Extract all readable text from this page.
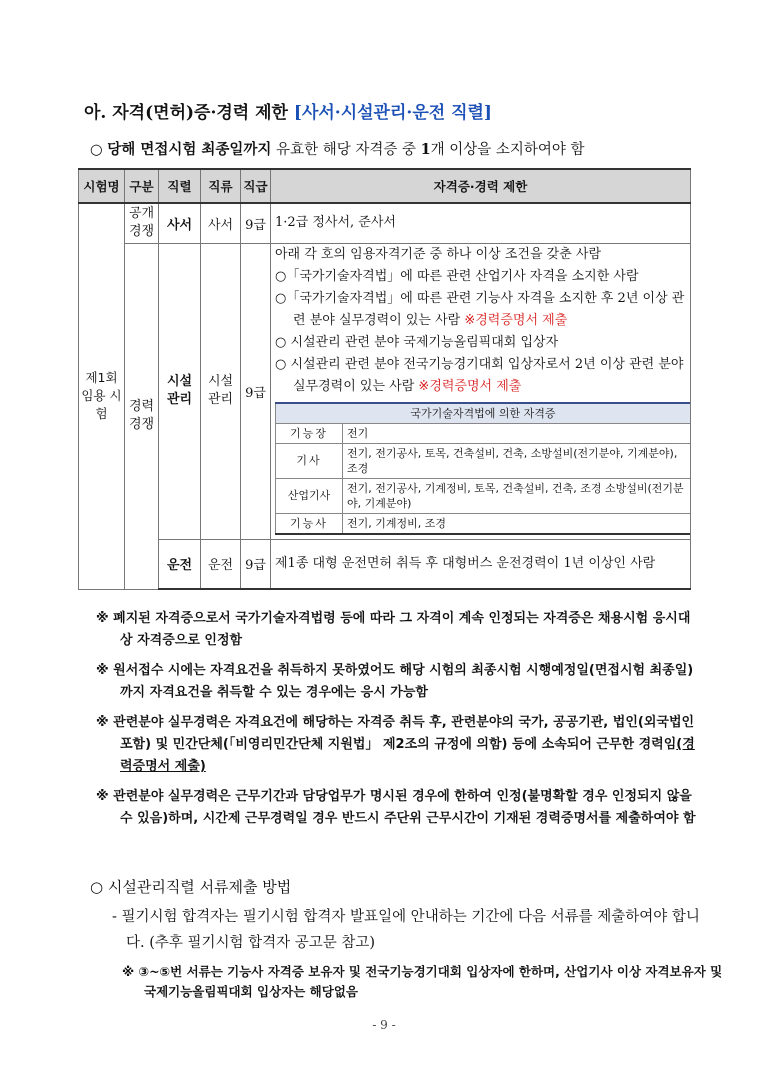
아. 자격(면허)증·경력 제한 [사서·시설관리·운전 직렬]
○ 당해 면접시험 최종일까지 유효한 해당 자격증 중 1개 이상을 소지하여야 함
시험명	구분	직렬	직류	직급	자격증·경력 제한
제1회 임용 시험	공개 경쟁	사서	사서	9급	1·2급 정사서, 준사서
경력 경쟁	시설 관리	시설 관리	9급	
아래 각 호의 임용자격기준 중 하나 이상 조건을 갖춘 사람
○「국가기술자격법」에 따른 관련 산업기사 자격을 소지한 사람
○「국가기술자격법」에 따른 관련 기능사 자격을 소지한 후 2년 이상 관련 분야 실무경력이 있는 사람 ※경력증명서 제출
○ 시설관리 관련 분야 국제기능올림픽대회 입상자
○ 시설관리 관련 분야 전국기능경기대회 입상자로서 2년 이상 관련 분야 실무경력이 있는 사람 ※경력증명서 제출
국가기술자격법에 의한 자격증
기능장	전기
기사	전기, 전기공사, 토목, 건축설비, 건축, 소방설비(전기분야, 기계분야), 조경
산업기사	전기, 전기공사, 기계정비, 토목, 건축설비, 건축, 조경 소방설비(전기분야, 기계분야)
기능사	전기, 기계정비, 조경

운전	운전	9급	제1종 대형 운전면허 취득 후 대형버스 운전경력이 1년 이상인 사람
※ 폐지된 자격증으로서 국가기술자격법령 등에 따라 그 자격이 계속 인정되는 자격증은 채용시험 응시대상 자격증으로 인정함
※ 원서접수 시에는 자격요건을 취득하지 못하였어도 해당 시험의 최종시험 시행예정일(면접시험 최종일)까지 자격요건을 취득할 수 있는 경우에는 응시 가능함
※ 관련분야 실무경력은 자격요건에 해당하는 자격증 취득 후, 관련분야의 국가, 공공기관, 법인(외국법인 포함) 및 민간단체(「비영리민간단체 지원법」 제2조의 규정에 의함) 등에 소속되어 근무한 경력임(경력증명서 제출)
※ 관련분야 실무경력은 근무기간과 담당업무가 명시된 경우에 한하여 인정(불명확할 경우 인정되지 않을 수 있음)하며, 시간제 근무경력일 경우 반드시 주단위 근무시간이 기재된 경력증명서를 제출하여야 함
○ 시설관리직렬 서류제출 방법
- 필기시험 합격자는 필기시험 합격자 발표일에 안내하는 기간에 다음 서류를 제출하여야 합니다. (추후 필기시험 합격자 공고문 참고)
※ ③~⑤번 서류는 기능사 자격증 보유자 및 전국기능경기대회 입상자에 한하며, 산업기사 이상 자격보유자 및 국제기능올림픽대회 입상자는 해당없음
- 9 -
